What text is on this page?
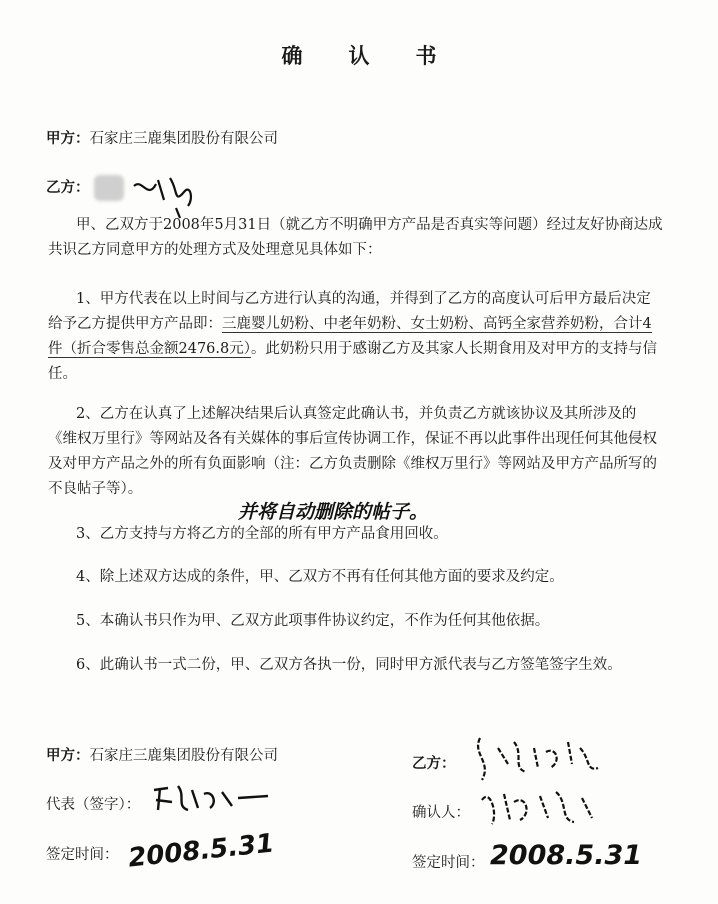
确认书
甲方：石家庄三鹿集团股份有限公司
乙方：
甲、乙双方于2008年5月31日（就乙方不明确甲方产品是否真实等问题）经过友好协商达成共识乙方同意甲方的处理方式及处理意见具体如下：
1、甲方代表在以上时间与乙方进行认真的沟通，并得到了乙方的高度认可后甲方最后决定给予乙方提供甲方产品即：三鹿婴儿奶粉、中老年奶粉、女士奶粉、高钙全家营养奶粉，合计4件（折合零售总金额2476.8元）。此奶粉只用于感谢乙方及其家人长期食用及对甲方的支持与信任。
2、乙方在认真了上述解决结果后认真签定此确认书，并负责乙方就该协议及其所涉及的《维权万里行》等网站及各有关媒体的事后宣传协调工作，保证不再以此事件出现任何其他侵权及对甲方产品之外的所有负面影响（注：乙方负责删除《维权万里行》等网站及甲方产品所写的不良帖子等）。
并将自动删除的帖子。
3、乙方支持与方将乙方的全部的所有甲方产品食用回收。
4、除上述双方达成的条件，甲、乙双方不再有任何其他方面的要求及约定。
5、本确认书只作为甲、乙双方此项事件协议约定，不作为任何其他依据。
6、此确认书一式二份，甲、乙双方各执一份，同时甲方派代表与乙方签笔签字生效。
甲方：石家庄三鹿集团股份有限公司
代表（签字）：
签定时间： 2008.5.31
乙方：
确认人：
签定时间： 2008.5.31
